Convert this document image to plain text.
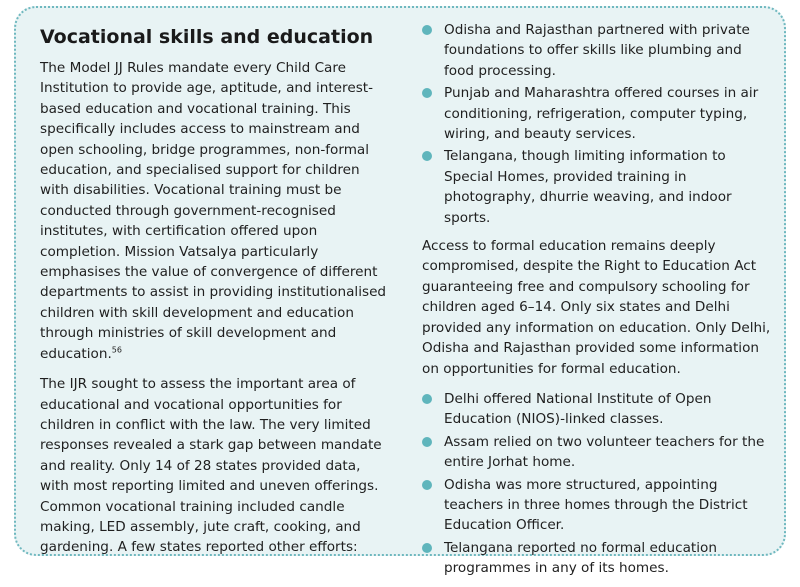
Vocational skills and education

The Model JJ Rules mandate every Child Care Institution to provide age, aptitude, and interest-based education and vocational training. This specifically includes access to mainstream and open schooling, bridge programmes, non-formal education, and specialised support for children with disabilities. Vocational training must be conducted through government-recognised institutes, with certification offered upon completion. Mission Vatsalya particularly emphasises the value of convergence of different departments to assist in providing institutionalised children with skill development and education through ministries of skill development and education.$^{56}$

The IJR sought to assess the important area of educational and vocational opportunities for children in conflict with the law. The very limited responses revealed a stark gap between mandate and reality. Only 14 of 28 states provided data, with most reporting limited and uneven offerings. Common vocational training included candle making, LED assembly, jute craft, cooking, and gardening. A few states reported other efforts:

Odisha and Rajasthan partnered with private foundations to offer skills like plumbing and food processing.
Punjab and Maharashtra offered courses in air conditioning, refrigeration, computer typing, wiring, and beauty services.
Telangana, though limiting information to Special Homes, provided training in photography, dhurrie weaving, and indoor sports.

Access to formal education remains deeply compromised, despite the Right to Education Act guaranteeing free and compulsory schooling for children aged 6–14. Only six states and Delhi provided any information on education. Only Delhi, Odisha and Rajasthan provided some information on opportunities for formal education.

Delhi offered National Institute of Open Education (NIOS)-linked classes.
Assam relied on two volunteer teachers for the entire Jorhat home.
Odisha was more structured, appointing teachers in three homes through the District Education Officer.
Telangana reported no formal education programmes in any of its homes.
